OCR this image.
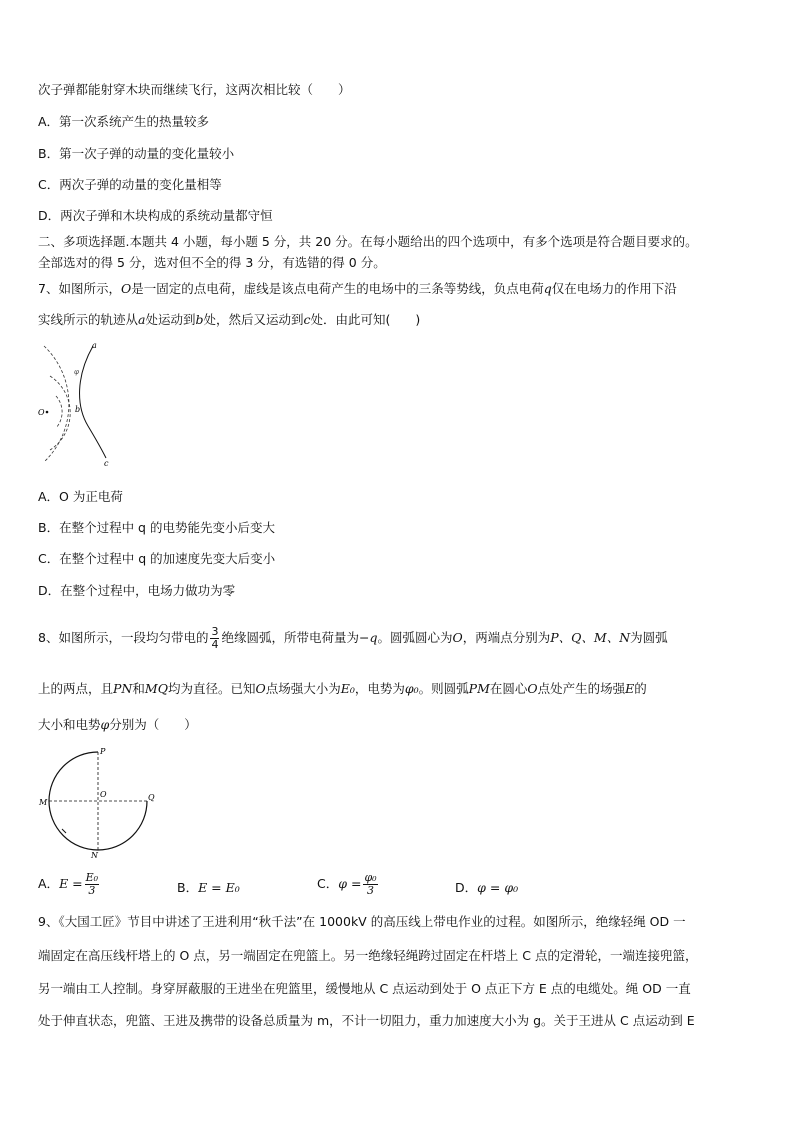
次子弹都能射穿木块而继续飞行，这两次相比较（　　）
A．第一次系统产生的热量较多
B．第一次子弹的动量的变化量较小
C．两次子弹的动量的变化量相等
D．两次子弹和木块构成的系统动量都守恒
二、多项选择题.本题共 4 小题，每小题 5 分，共 20 分。在每小题给出的四个选项中，有多个选项是符合题目要求的。
全部选对的得 5 分，选对但不全的得 3 分，有选错的得 0 分。
7、如图所示，O是一固定的点电荷，虚线是该点电荷产生的电场中的三条等势线，负点电荷q仅在电场力的作用下沿
实线所示的轨迹从a处运动到b处，然后又运动到c处．由此可知(　　)
O
a
φ
b
c
A．O 为正电荷
B．在整个过程中 q 的电势能先变小后变大
C．在整个过程中 q 的加速度先变大后变小
D．在整个过程中，电场力做功为零
8、如图所示，一段均匀带电的 $\frac{3}{4}$ 绝缘圆弧，所带电荷量为−q。圆弧圆心为O，两端点分别为P、Q、M、N为圆弧
上的两点，且PN和MQ均为直径。已知O点场强大小为E₀，电势为φ₀。则圆弧PM在圆心O点处产生的场强E的
大小和电势φ分别为（　　）
P
Q
M
N
O
A．$E = \frac{\text{E₀}}{3}$	B．E = E₀	C．$\varphi = \frac{\text{φ₀}}{3}$	D．φ = φ₀
9、《大国工匠》节目中讲述了王进利用“秋千法”在 1000kV 的高压线上带电作业的过程。如图所示，绝缘轻绳 OD 一
端固定在高压线杆塔上的 O 点，另一端固定在兜篮上。另一绝缘轻绳跨过固定在杆塔上 C 点的定滑轮，一端连接兜篮，
另一端由工人控制。身穿屏蔽服的王进坐在兜篮里，缓慢地从 C 点运动到处于 O 点正下方 E 点的电缆处。绳 OD 一直
处于伸直状态，兜篮、王进及携带的设备总质量为 m，不计一切阻力，重力加速度大小为 g。关于王进从 C 点运动到 E
